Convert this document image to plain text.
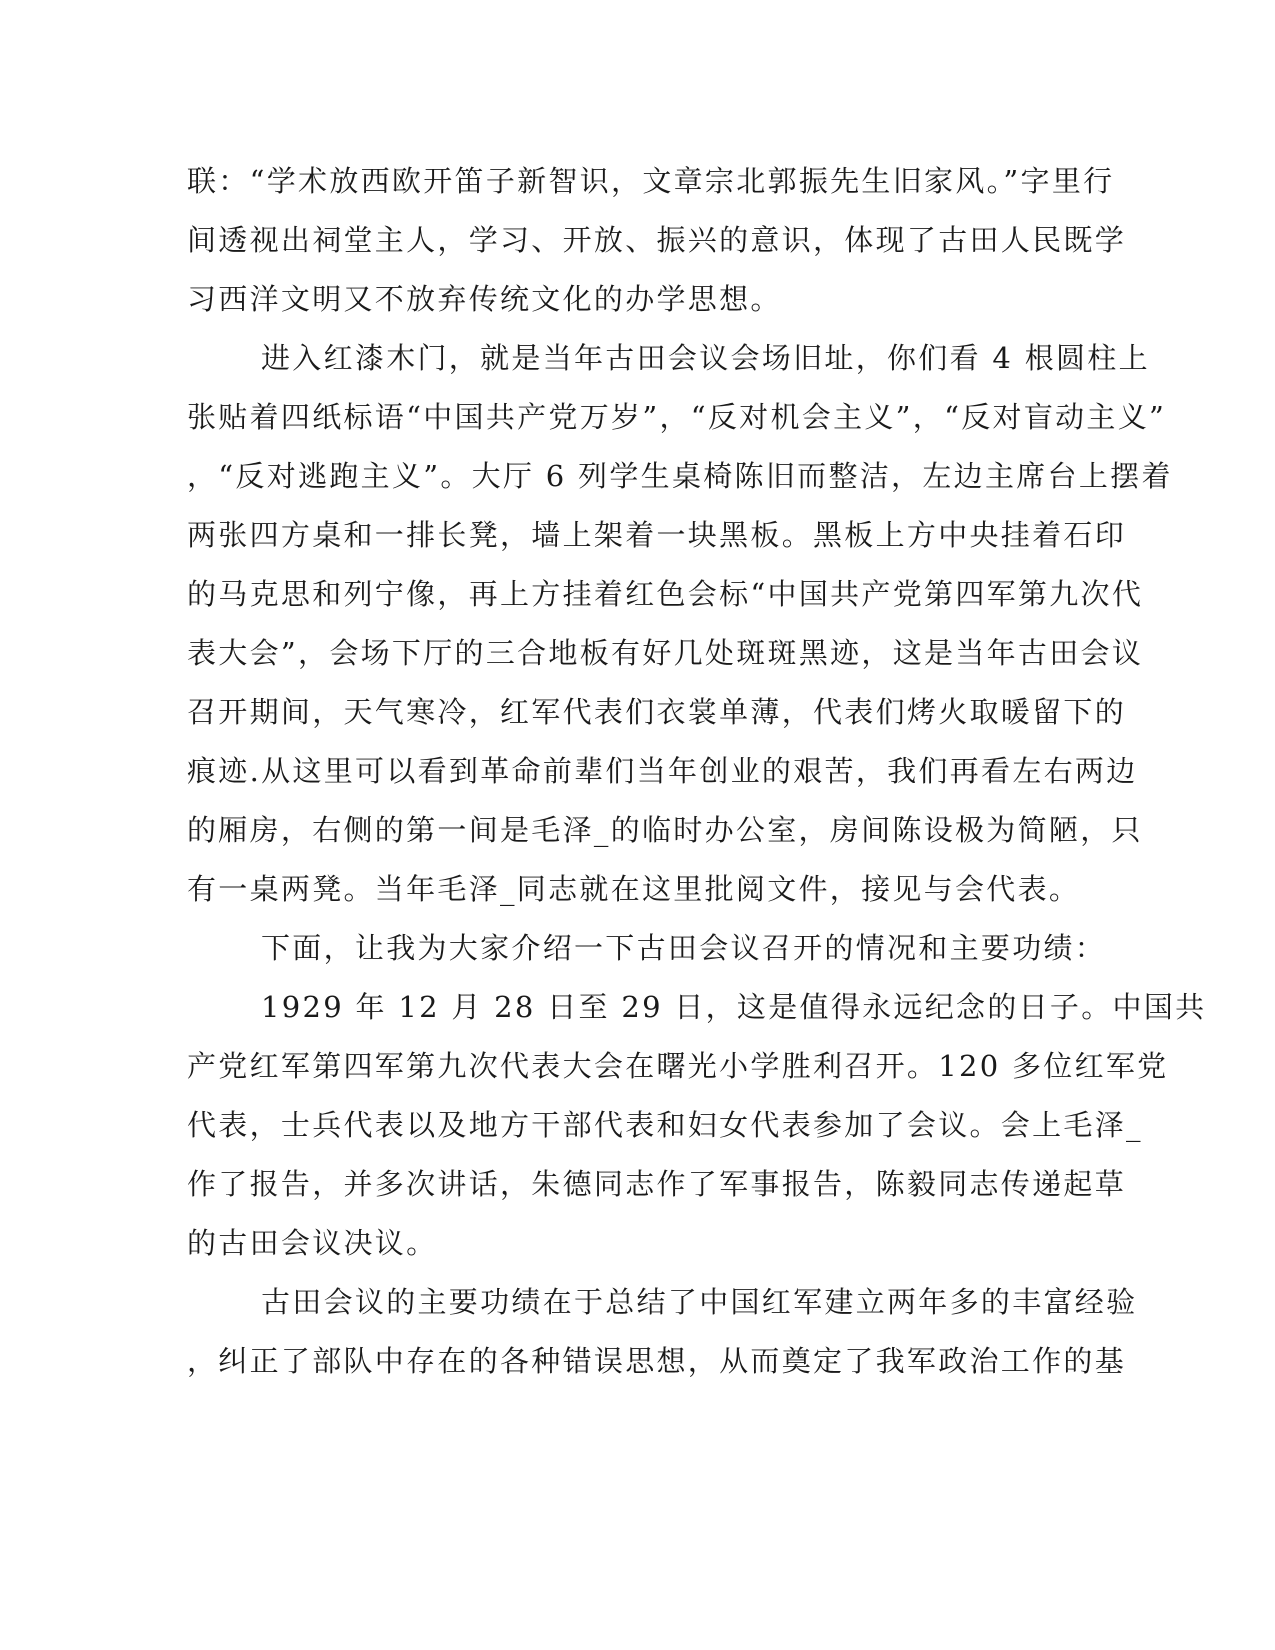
联：“学术放西欧开笛子新智识，文章宗北郭振先生旧家风。”字里行
间透视出祠堂主人，学习、开放、振兴的意识，体现了古田人民既学
习西洋文明又不放弃传统文化的办学思想。
进入红漆木门，就是当年古田会议会场旧址，你们看 4 根圆柱上
张贴着四纸标语“中国共产党万岁”，“反对机会主义”，“反对盲动主义”
，“反对逃跑主义”。大厅 6 列学生桌椅陈旧而整洁，左边主席台上摆着
两张四方桌和一排长凳，墙上架着一块黑板。黑板上方中央挂着石印
的马克思和列宁像，再上方挂着红色会标“中国共产党第四军第九次代
表大会”，会场下厅的三合地板有好几处斑斑黑迹，这是当年古田会议
召开期间，天气寒冷，红军代表们衣裳单薄，代表们烤火取暖留下的
痕迹.从这里可以看到革命前辈们当年创业的艰苦，我们再看左右两边
的厢房，右侧的第一间是毛泽_的临时办公室，房间陈设极为简陋，只
有一桌两凳。当年毛泽_同志就在这里批阅文件，接见与会代表。
下面，让我为大家介绍一下古田会议召开的情况和主要功绩：
1929 年 12 月 28 日至 29 日，这是值得永远纪念的日子。中国共
产党红军第四军第九次代表大会在曙光小学胜利召开。120 多位红军党
代表，士兵代表以及地方干部代表和妇女代表参加了会议。会上毛泽_
作了报告，并多次讲话，朱德同志作了军事报告，陈毅同志传递起草
的古田会议决议。
古田会议的主要功绩在于总结了中国红军建立两年多的丰富经验
，纠正了部队中存在的各种错误思想，从而奠定了我军政治工作的基
